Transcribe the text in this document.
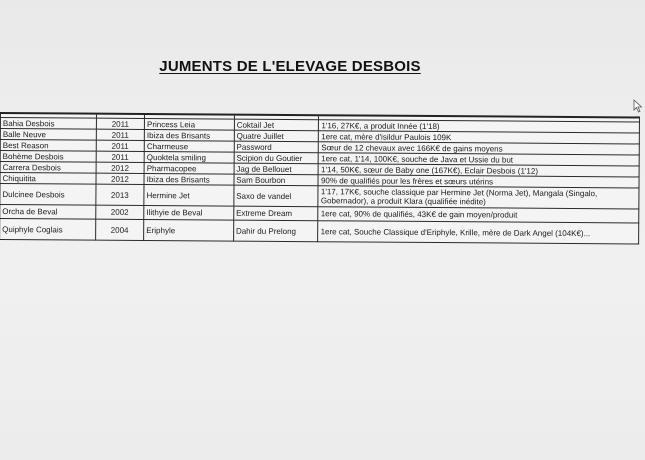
JUMENTS DE L'ELEVAGE DESBOIS

Bahia Desbois	2011	Princess Leia	Coktail Jet	1'16, 27K€, a produit Innée (1'18)
Balle Neuve	2011	Ibiza des Brisants	Quatre Juillet	1ere cat, mère d'isildur Paulois 109K
Best Reason	2011	Charmeuse	Password	Sœur de 12 chevaux avec 166K€ de gains moyens
Bohème Desbois	2011	Quoktela smiling	Scipion du Goutier	1ere cat, 1'14, 100K€, souche de Java et Ussie du but
Carrera Desbois	2012	Pharmacopee	Jag de Bellouet	1'14, 50K€, sœur de Baby one (167K€), Eclair Desbois (1'12)
Chiquitita	2012	Ibiza des Brisants	Sam Bourbon	90% de qualifiés pour les frères et sœurs utérins
Dulcinee Desbois	2013	Hermine Jet	Saxo de vandel	1'17, 17K€, souche classique par Hermine Jet (Norma Jet), Mangala (Singalo, Gobernador), a produit Klara (qualifiée inédite)
Orcha de Beval	2002	Ilithyie de Beval	Extreme Dream	1ere cat, 90% de qualifiés, 43K€ de gain moyen/produit
Quiphyle Coglais	2004	Eriphyle	Dahir du Prelong	1ere cat, Souche Classique d'Eriphyle, Krille, mère de Dark Angel (104K€)...
